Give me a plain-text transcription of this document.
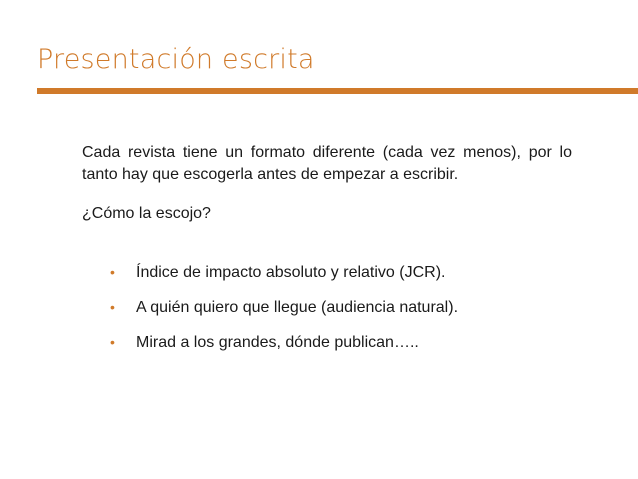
Presentación escrita

Cada revista tiene un formato diferente (cada vez menos), por lo tanto hay que escogerla antes de empezar a escribir.

¿Cómo la escojo?
• Índice de impacto absoluto y relativo (JCR).
• A quién quiero que llegue (audiencia natural).
• Mirad a los grandes, dónde publican…..
